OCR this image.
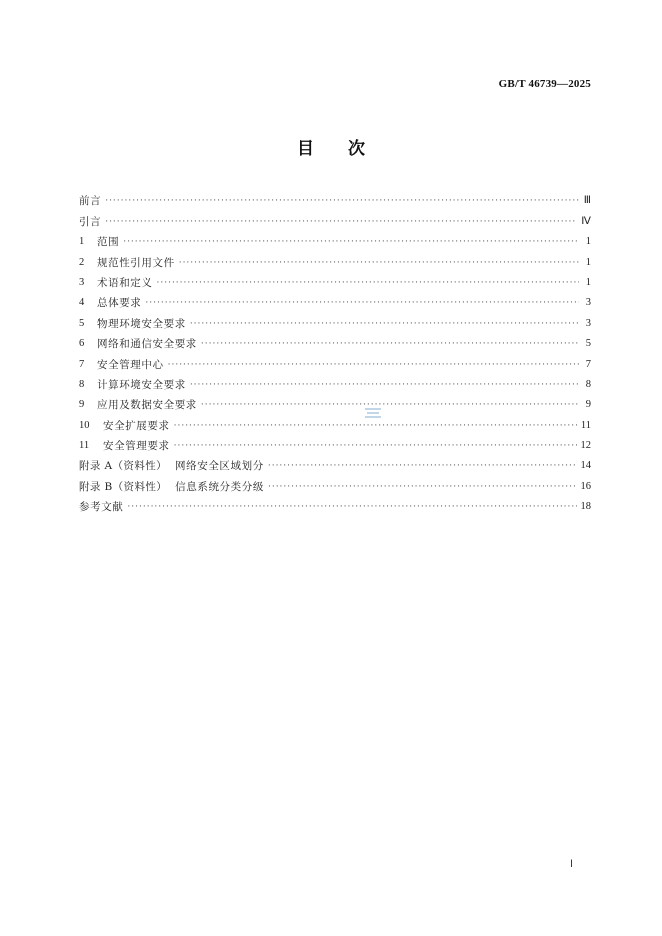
GB/T 46739—2025
目 次
前言 ·····	Ⅲ
引言 ·····	Ⅳ
1	范围 ·····	1
2	规范性引用文件 ·····	1
3	术语和定义 ·····	1
4	总体要求 ·····	3
5	物理环境安全要求 ·····	3
6	网络和通信安全要求 ·····	5
7	安全管理中心 ·····	7
8	计算环境安全要求 ·····	8
9	应用及数据安全要求 ·····	9
10	安全扩展要求 ·····	11
11	安全管理要求 ·····	12
附录 A（资料性） 网络安全区域划分 ·····	14
附录 B（资料性） 信息系统分类分级 ·····	16
参考文献 ·····	18
Ⅰ
